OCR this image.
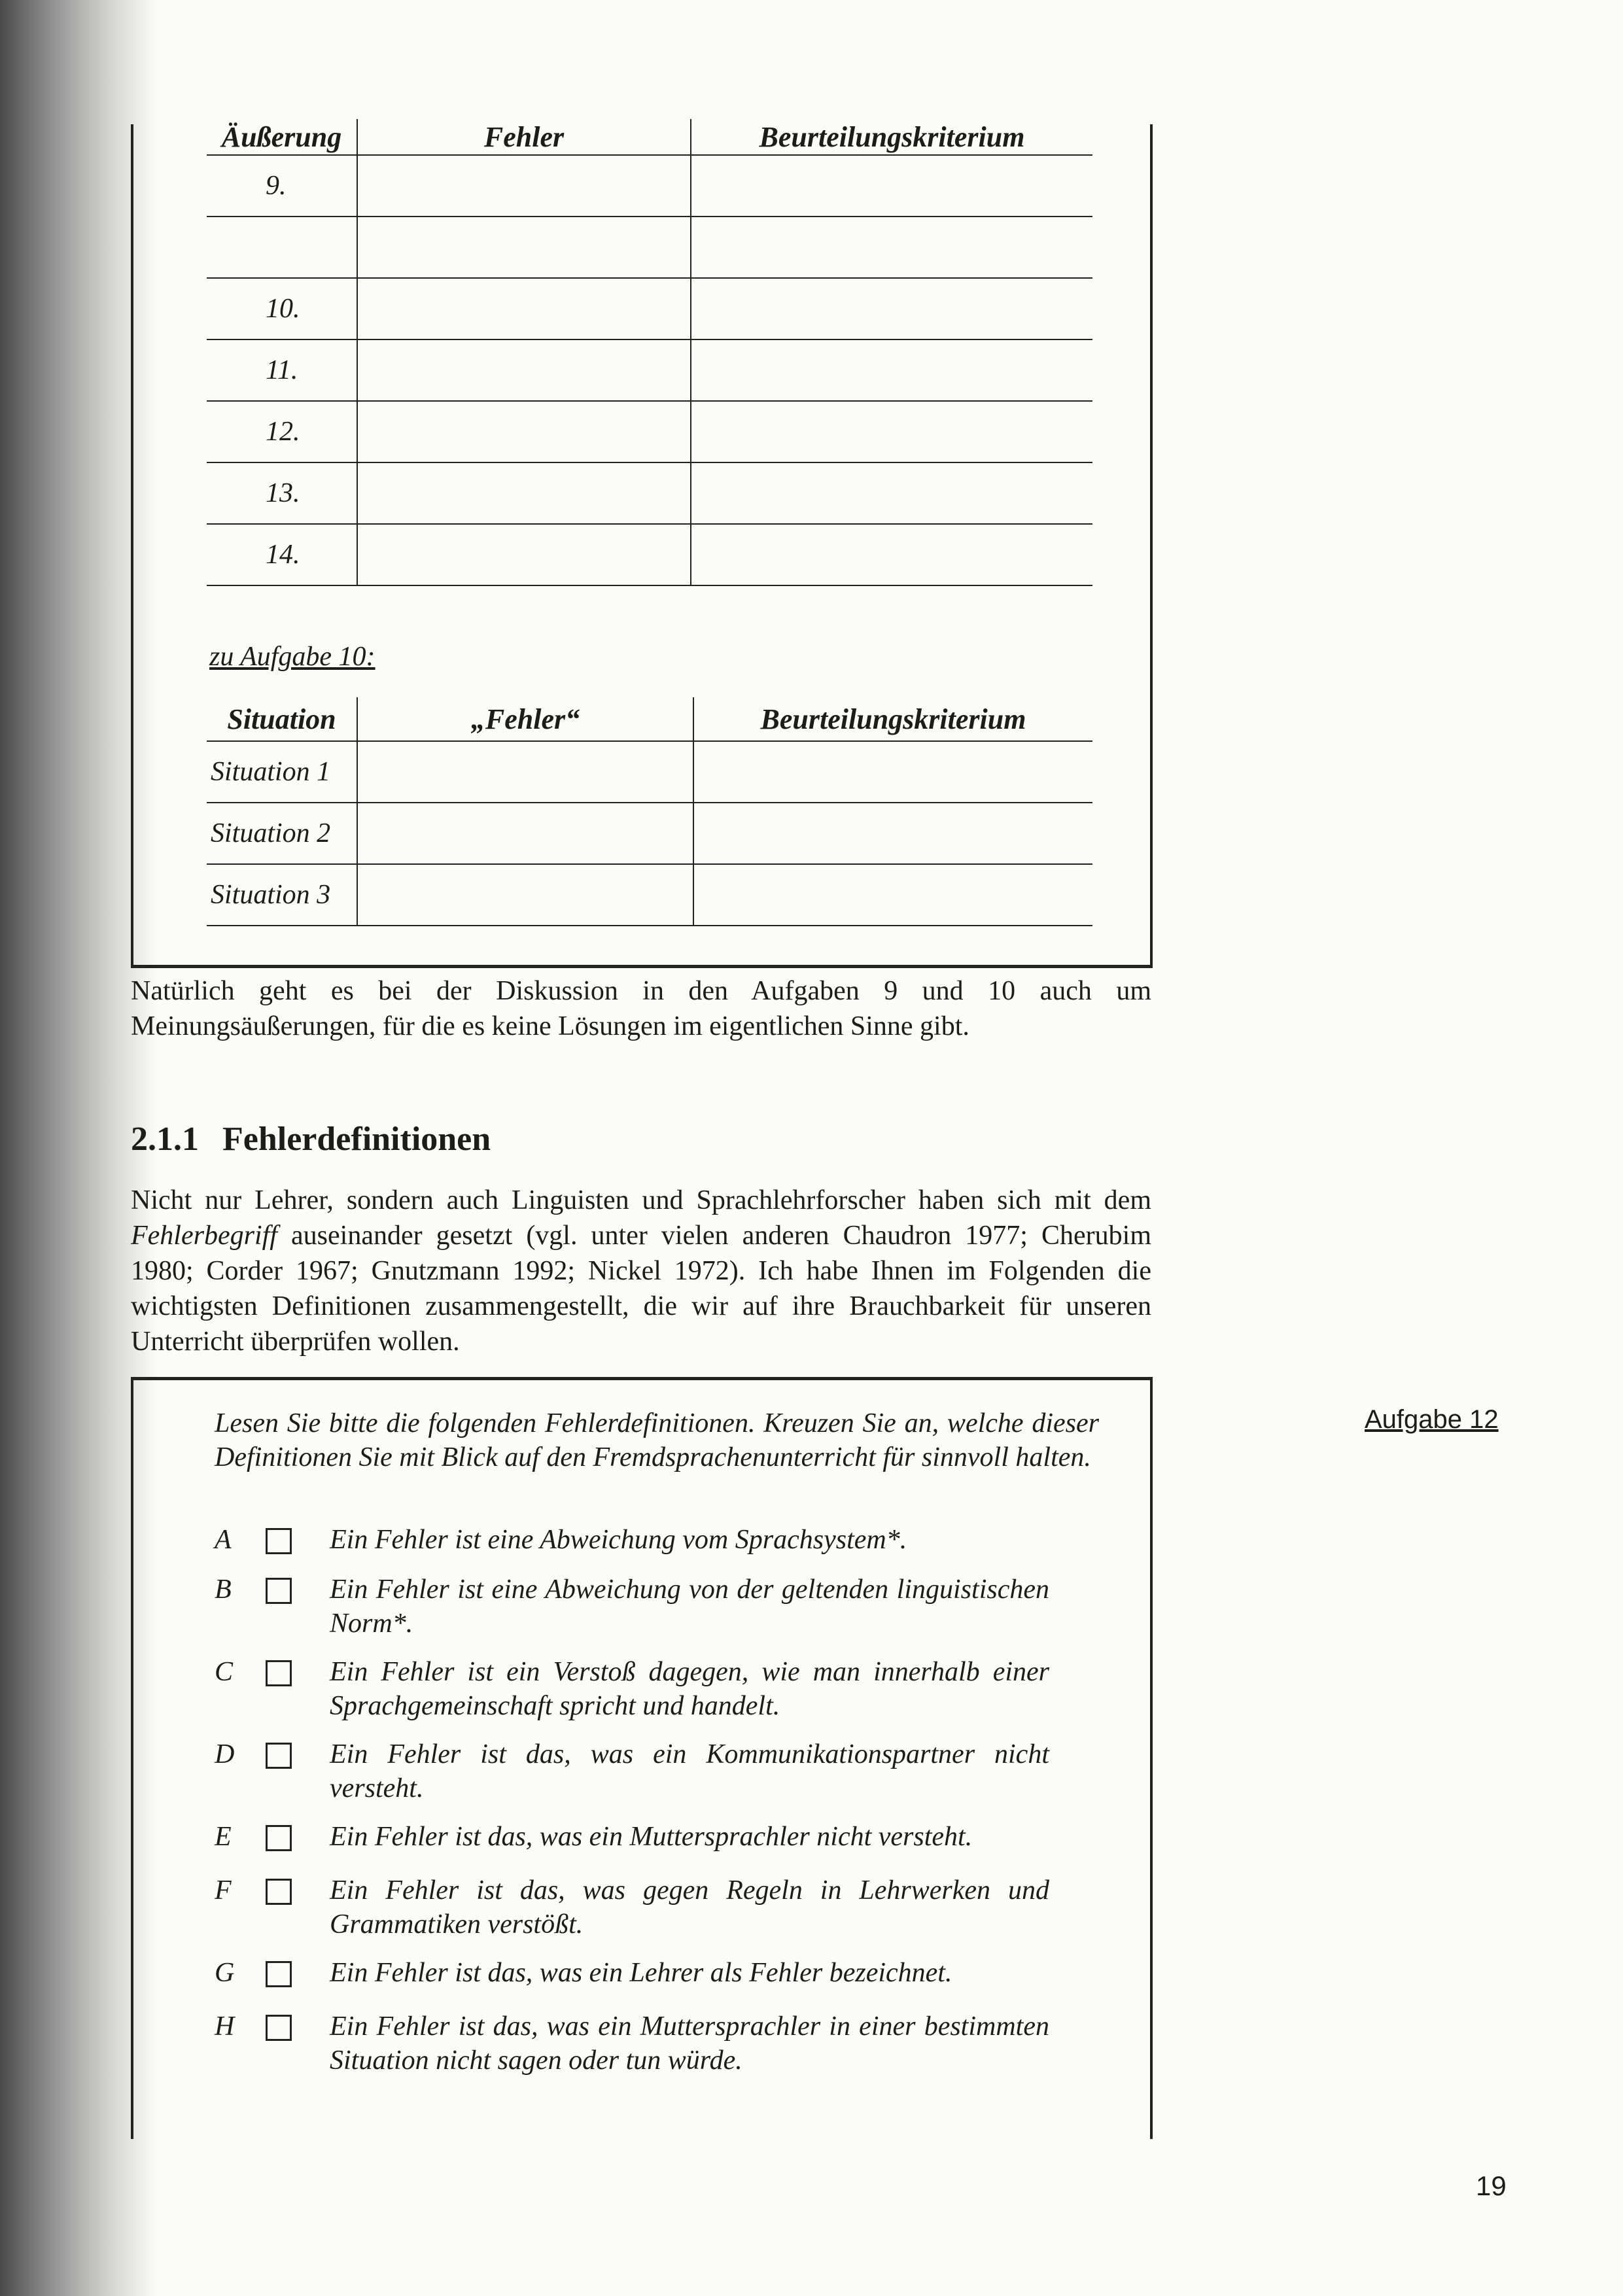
Äußerung	Fehler	Beurteilungskriterium
9.		

10.		
11.		
12.		
13.		
14.		
zu Aufgabe 10:
Situation	„Fehler“	Beurteilungskriterium
Situation 1		
Situation 2		
Situation 3		

Natürlich geht es bei der Diskussion in den Aufgaben 9 und 10 auch um Meinungsäußerungen, für die es keine Lösungen im eigentlichen Sinne gibt.

2.1.1 Fehlerdefinitionen

Nicht nur Lehrer, sondern auch Linguisten und Sprachlehrforscher haben sich mit dem Fehlerbegriff auseinander gesetzt (vgl. unter vielen anderen Chaudron 1977; Cherubim 1980; Corder 1967; Gnutzmann 1992; Nickel 1972). Ich habe Ihnen im Folgenden die wichtigsten Definitionen zusammengestellt, die wir auf ihre Brauchbarkeit für unseren Unterricht überprüfen wollen.

Lesen Sie bitte die folgenden Fehlerdefinitionen. Kreuzen Sie an, welche dieser Definitionen Sie mit Blick auf den Fremdsprachenunterricht für sinnvoll halten.
A	Ein Fehler ist eine Abweichung vom Sprachsystem*.
B	Ein Fehler ist eine Abweichung von der geltenden linguistischen Norm*.
C	Ein Fehler ist ein Verstoß dagegen, wie man innerhalb einer Sprachgemeinschaft spricht und handelt.
D	Ein Fehler ist das, was ein Kommunikationspartner nicht versteht.
E	Ein Fehler ist das, was ein Muttersprachler nicht versteht.
F	Ein Fehler ist das, was gegen Regeln in Lehrwerken und Grammatiken verstößt.
G	Ein Fehler ist das, was ein Lehrer als Fehler bezeichnet.
H	Ein Fehler ist das, was ein Muttersprachler in einer bestimmten Situation nicht sagen oder tun würde.
Aufgabe 12
19
